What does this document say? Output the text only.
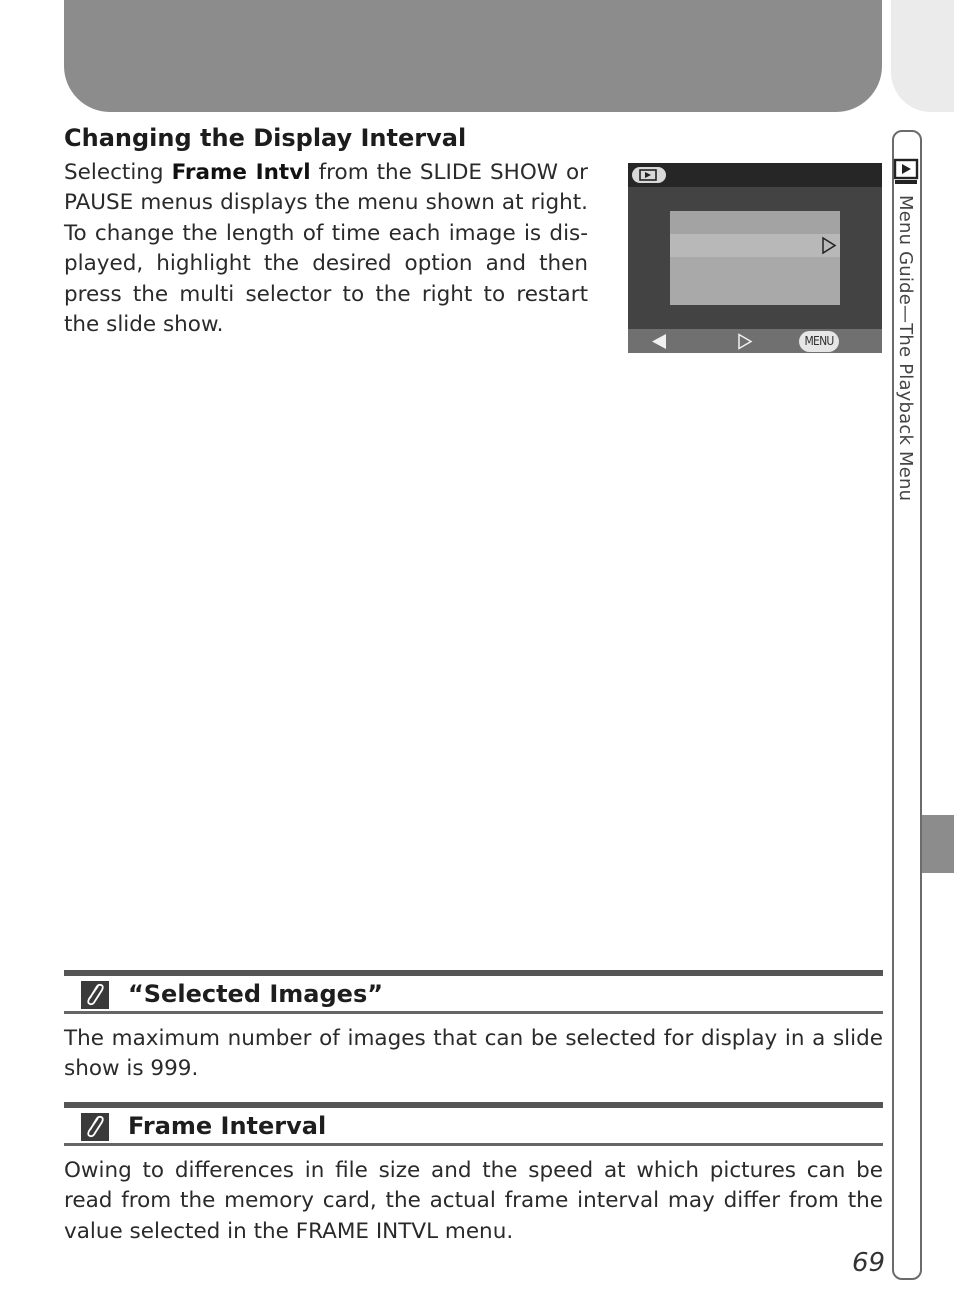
Menu Guide—The Playback Menu
Changing the Display Interval

Selecting Frame Intvl from the SLIDE SHOW or PAUSE menus displays the menu shown at right. To change the length of time each image is dis-played, highlight the desired option and then press the multi selector to the right to restart the slide show.

MENU
“Selected Images”

The maximum number of images that can be selected for display in a slide show is 999.

Frame Interval

Owing to differences in file size and the speed at which pictures can be read from the memory card, the actual frame interval may differ from the value selected in the FRAME INTVL menu.

69
